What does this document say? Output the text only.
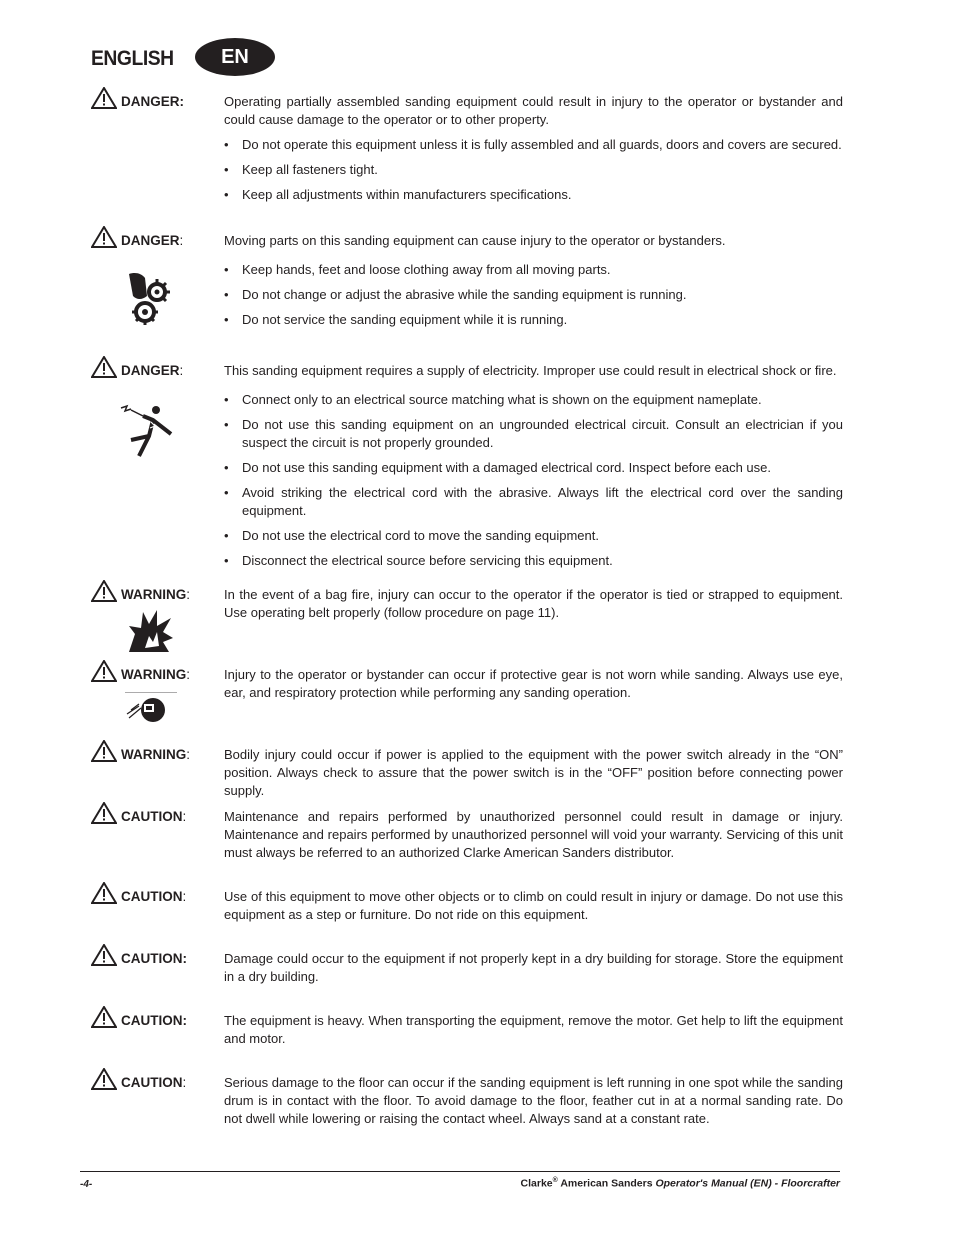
ENGLISH	EN
DANGER:	Operating partially assembled sanding equipment could result in injury to the operator or bystander and could cause damage to the operator or to other property.

• Do not operate this equipment unless it is fully assembled and all guards, doors and covers are secured.
• Keep all fasteners tight.
• Keep all adjustments within manufacturers specifications.
DANGER:	Moving parts on this sanding equipment can cause injury to the operator or bystanders.

• Keep hands, feet and loose clothing away from all moving parts.
• Do not change or adjust the abrasive while the sanding equipment is running.
• Do not service the sanding equipment while it is running.
DANGER:	This sanding equipment requires a supply of electricity. Improper use could result in electrical shock or fire.

• Connect only to an electrical source matching what is shown on the equipment nameplate.
• Do not use this sanding equipment on an ungrounded electrical circuit. Consult an electrician if you suspect the circuit is not properly grounded.
• Do not use this sanding equipment with a damaged electrical cord. Inspect before each use.
• Avoid striking the electrical cord with the abrasive. Always lift the electrical cord over the sanding equipment.
• Do not use the electrical cord to move the sanding equipment.
• Disconnect the electrical source before servicing this equipment.
WARNING:	In the event of a bag fire, injury can occur to the operator if the operator is tied or strapped to equipment. Use operating belt properly (follow procedure on page 11).

WARNING:	Injury to the operator or bystander can occur if protective gear is not worn while sanding. Always use eye, ear, and respiratory protection while performing any sanding operation.

WARNING:	Bodily injury could occur if power is applied to the equipment with the power switch already in the “ON” position. Always check to assure that the power switch is in the “OFF” position before connecting power supply.

CAUTION:	Maintenance and repairs performed by unauthorized personnel could result in damage or injury. Maintenance and repairs performed by unauthorized personnel will void your warranty. Servicing of this unit must always be referred to an authorized Clarke American Sanders distributor.

CAUTION:	Use of this equipment to move other objects or to climb on could result in injury or damage. Do not use this equipment as a step or furniture. Do not ride on this equipment.

CAUTION:	Damage could occur to the equipment if not properly kept in a dry building for storage. Store the equipment in a dry building.

CAUTION:	The equipment is heavy. When transporting the equipment, remove the motor. Get help to lift the equipment and motor.

CAUTION:	Serious damage to the floor can occur if the sanding equipment is left running in one spot while the sanding drum is in contact with the floor. To avoid damage to the floor, feather cut in at a normal sanding rate. Do not dwell while lowering or raising the contact wheel. Always sand at a constant rate.

-4-	Clarke® American Sanders Operator's Manual (EN) - Floorcrafter
